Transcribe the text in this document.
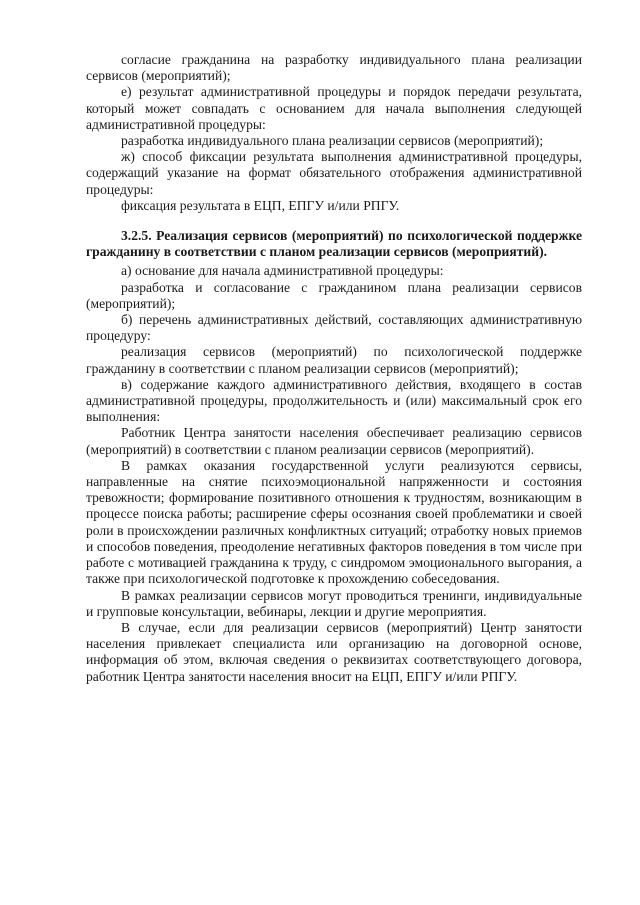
согласие гражданина на разработку индивидуального плана реализации сервисов (мероприятий);

е) результат административной процедуры и порядок передачи результата, который может совпадать с основанием для начала выполнения следующей административной процедуры:

разработка индивидуального плана реализации сервисов (мероприятий);

ж) способ фиксации результата выполнения административной процедуры, содержащий указание на формат обязательного отображения административной процедуры:

фиксация результата в ЕЦП, ЕПГУ и/или РПГУ.

3.2.5. Реализация сервисов (мероприятий) по психологической поддержке гражданину в соответствии с планом реализации сервисов (мероприятий).

а) основание для начала административной процедуры:

разработка и согласование с гражданином плана реализации сервисов (мероприятий);

б) перечень административных действий, составляющих административную процедуру:

реализация сервисов (мероприятий) по психологической поддержке гражданину в соответствии с планом реализации сервисов (мероприятий);

в) содержание каждого административного действия, входящего в состав административной процедуры, продолжительность и (или) максимальный срок его выполнения:

Работник Центра занятости населения обеспечивает реализацию сервисов (мероприятий) в соответствии с планом реализации сервисов (мероприятий).

В рамках оказания государственной услуги реализуются сервисы, направленные на снятие психоэмоциональной напряженности и состояния тревожности; формирование позитивного отношения к трудностям, возникающим в процессе поиска работы; расширение сферы осознания своей проблематики и своей роли в происхождении различных конфликтных ситуаций; отработку новых приемов и способов поведения, преодоление негативных факторов поведения в том числе при работе с мотивацией гражданина к труду, с синдромом эмоционального выгорания, а также при психологической подготовке к прохождению собеседования.

В рамках реализации сервисов могут проводиться тренинги, индивидуальные и групповые консультации, вебинары, лекции и другие мероприятия.

В случае, если для реализации сервисов (мероприятий) Центр занятости населения привлекает специалиста или организацию на договорной основе, информация об этом, включая сведения о реквизитах соответствующего договора, работник Центра занятости населения вносит на ЕЦП, ЕПГУ и/или РПГУ.
